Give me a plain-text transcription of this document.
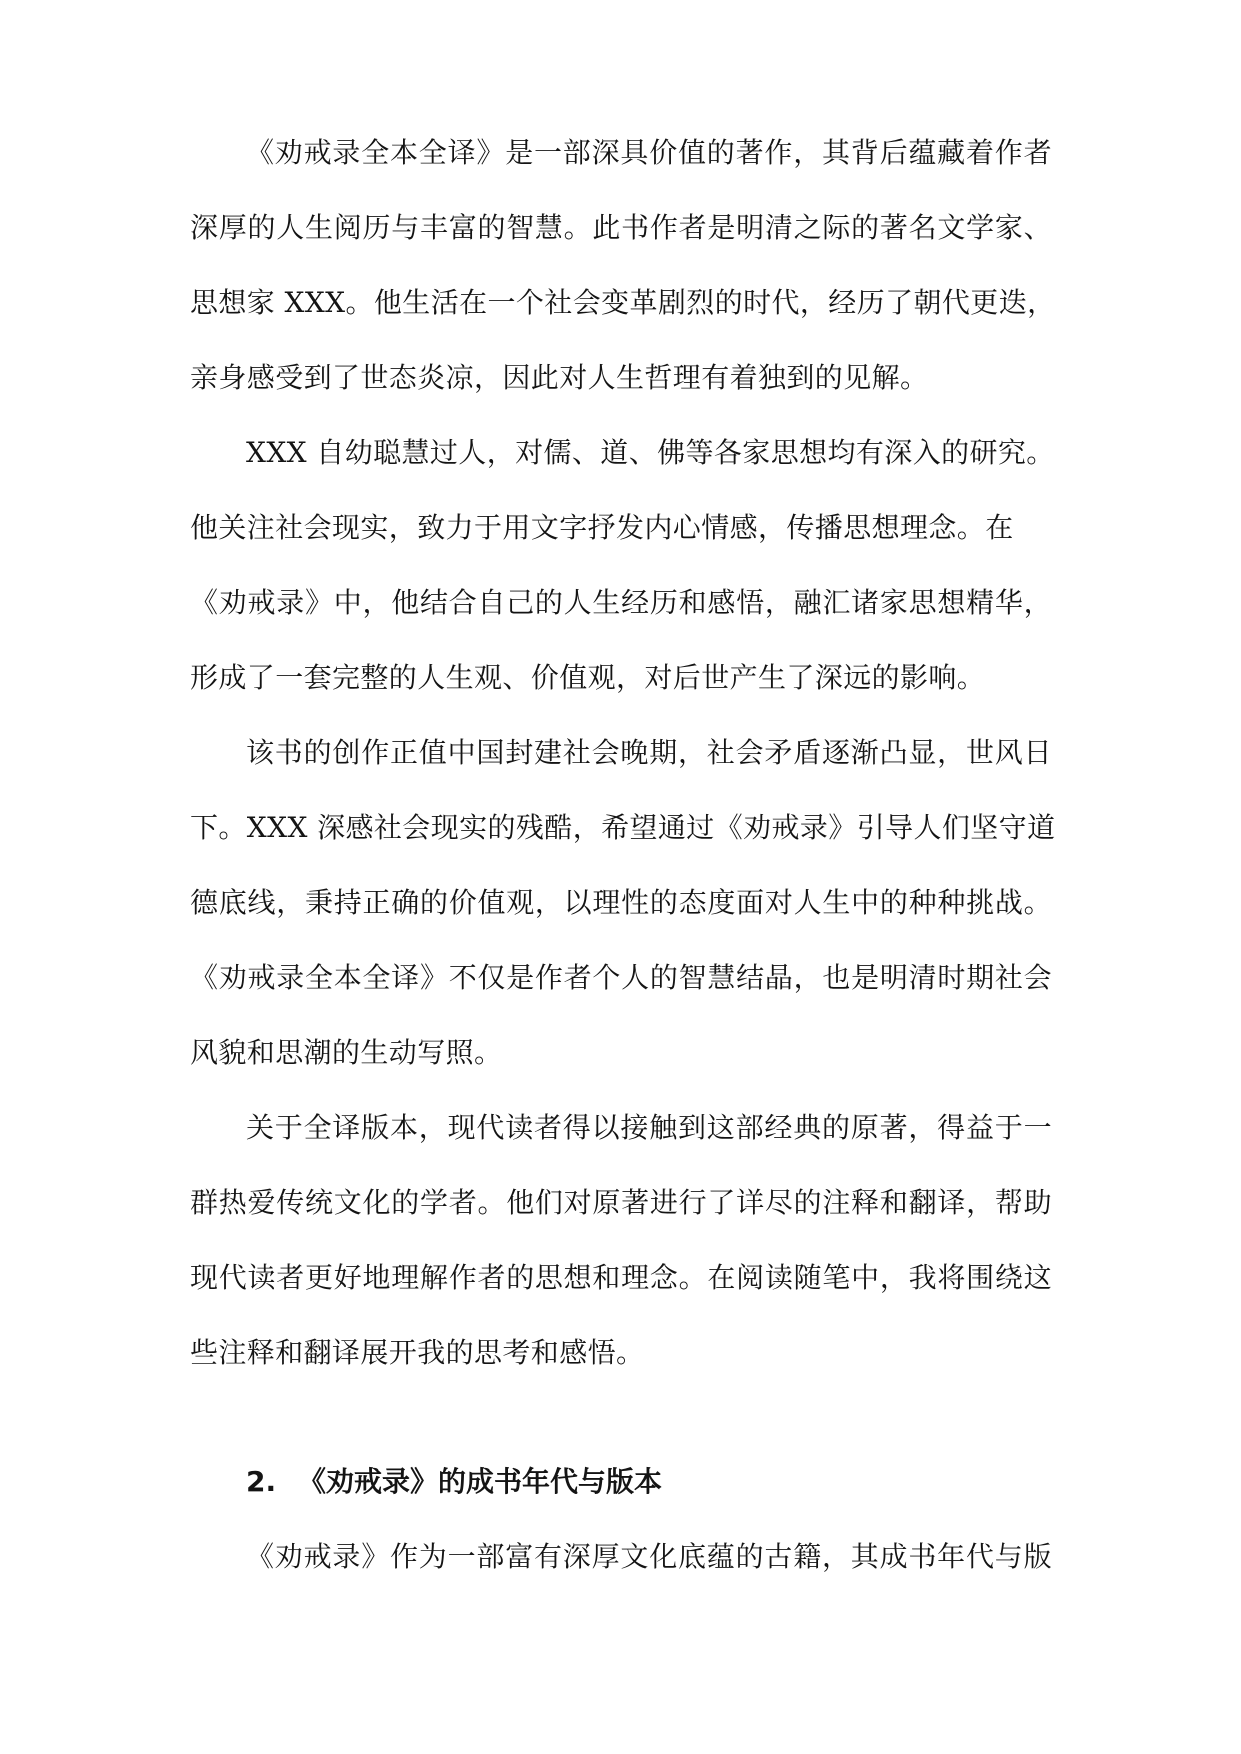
《劝戒录全本全译》是一部深具价值的著作，其背后蕴藏着作者
深厚的人生阅历与丰富的智慧。此书作者是明清之际的著名文学家、
思想家 XXX。他生活在一个社会变革剧烈的时代，经历了朝代更迭，
亲身感受到了世态炎凉，因此对人生哲理有着独到的见解。
XXX 自幼聪慧过人，对儒、道、佛等各家思想均有深入的研究。
他关注社会现实，致力于用文字抒发内心情感，传播思想理念。在
《劝戒录》中，他结合自己的人生经历和感悟，融汇诸家思想精华，
形成了一套完整的人生观、价值观，对后世产生了深远的影响。
该书的创作正值中国封建社会晚期，社会矛盾逐渐凸显，世风日
下。XXX 深感社会现实的残酷，希望通过《劝戒录》引导人们坚守道
德底线，秉持正确的价值观，以理性的态度面对人生中的种种挑战。
《劝戒录全本全译》不仅是作者个人的智慧结晶，也是明清时期社会
风貌和思潮的生动写照。
关于全译版本，现代读者得以接触到这部经典的原著，得益于一
群热爱传统文化的学者。他们对原著进行了详尽的注释和翻译，帮助
现代读者更好地理解作者的思想和理念。在阅读随笔中，我将围绕这
些注释和翻译展开我的思考和感悟。
2. 《劝戒录》的成书年代与版本
《劝戒录》作为一部富有深厚文化底蕴的古籍，其成书年代与版
